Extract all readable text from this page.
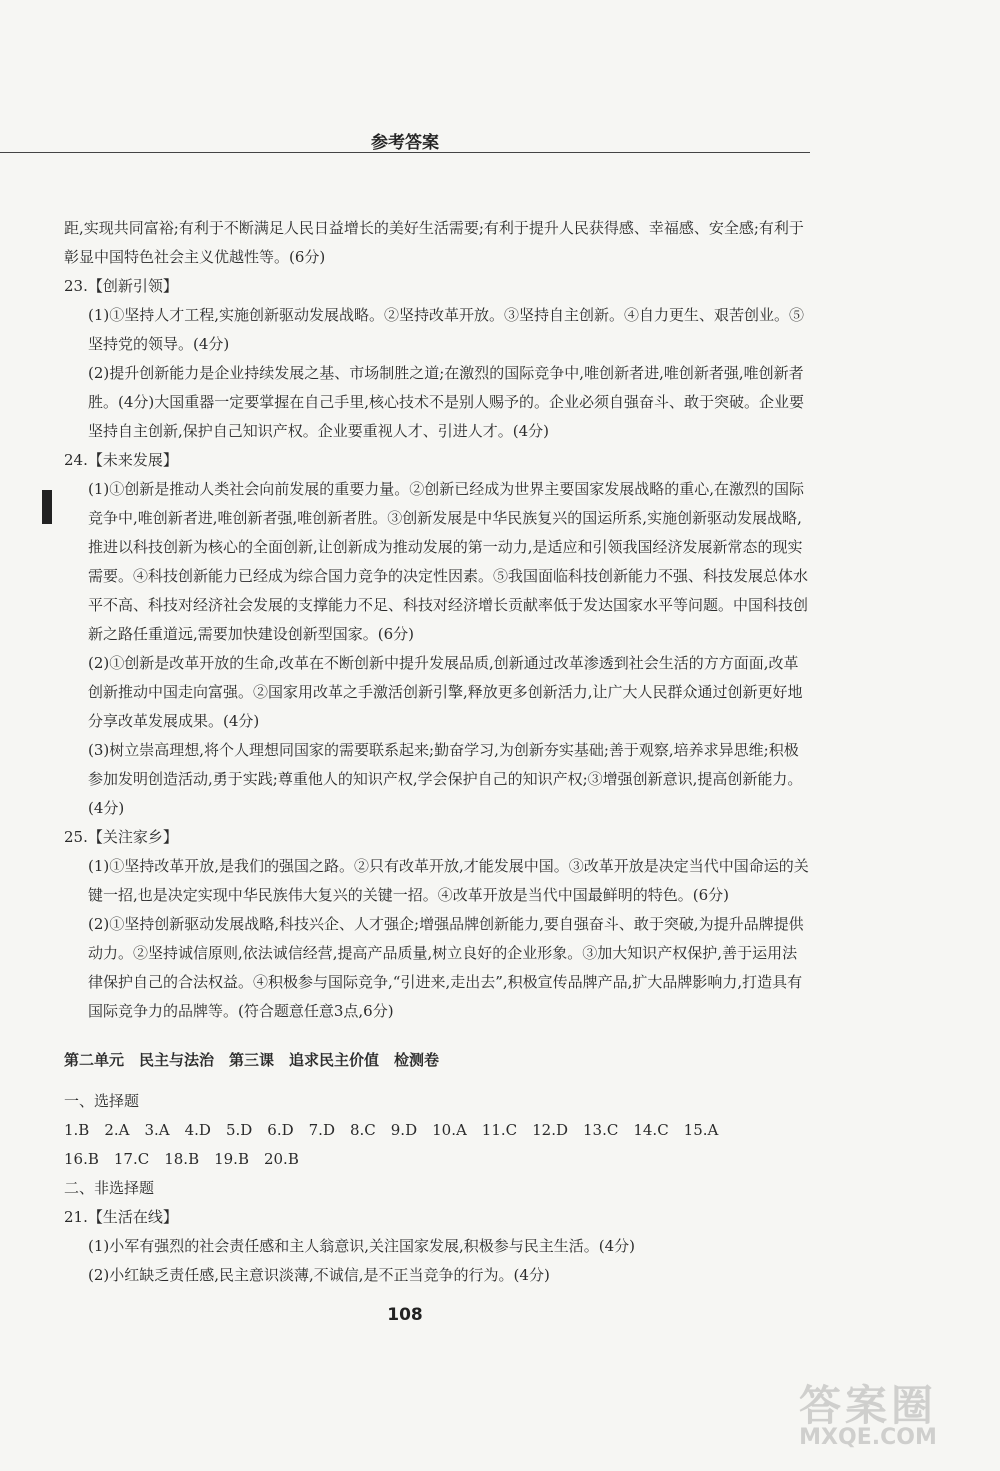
参考答案

距,实现共同富裕;有利于不断满足人民日益增长的美好生活需要;有利于提升人民获得感、幸福感、安全感;有利于彰显中国特色社会主义优越性等。(6分)

23.【创新引领】

(1)①坚持人才工程,实施创新驱动发展战略。②坚持改革开放。③坚持自主创新。④自力更生、艰苦创业。⑤坚持党的领导。(4分)

(2)提升创新能力是企业持续发展之基、市场制胜之道;在激烈的国际竞争中,唯创新者进,唯创新者强,唯创新者胜。(4分)大国重器一定要掌握在自己手里,核心技术不是别人赐予的。企业必须自强奋斗、敢于突破。企业要坚持自主创新,保护自己知识产权。企业要重视人才、引进人才。(4分)

24.【未来发展】

(1)①创新是推动人类社会向前发展的重要力量。②创新已经成为世界主要国家发展战略的重心,在激烈的国际竞争中,唯创新者进,唯创新者强,唯创新者胜。③创新发展是中华民族复兴的国运所系,实施创新驱动发展战略,推进以科技创新为核心的全面创新,让创新成为推动发展的第一动力,是适应和引领我国经济发展新常态的现实需要。④科技创新能力已经成为综合国力竞争的决定性因素。⑤我国面临科技创新能力不强、科技发展总体水平不高、科技对经济社会发展的支撑能力不足、科技对经济增长贡献率低于发达国家水平等问题。中国科技创新之路任重道远,需要加快建设创新型国家。(6分)

(2)①创新是改革开放的生命,改革在不断创新中提升发展品质,创新通过改革渗透到社会生活的方方面面,改革创新推动中国走向富强。②国家用改革之手激活创新引擎,释放更多创新活力,让广大人民群众通过创新更好地分享改革发展成果。(4分)

(3)树立崇高理想,将个人理想同国家的需要联系起来;勤奋学习,为创新夯实基础;善于观察,培养求异思维;积极参加发明创造活动,勇于实践;尊重他人的知识产权,学会保护自己的知识产权;③增强创新意识,提高创新能力。(4分)

25.【关注家乡】

(1)①坚持改革开放,是我们的强国之路。②只有改革开放,才能发展中国。③改革开放是决定当代中国命运的关键一招,也是决定实现中华民族伟大复兴的关键一招。④改革开放是当代中国最鲜明的特色。(6分)

(2)①坚持创新驱动发展战略,科技兴企、人才强企;增强品牌创新能力,要自强奋斗、敢于突破,为提升品牌提供动力。②坚持诚信原则,依法诚信经营,提高产品质量,树立良好的企业形象。③加大知识产权保护,善于运用法律保护自己的合法权益。④积极参与国际竞争,“引进来,走出去”,积极宣传品牌产品,扩大品牌影响力,打造具有国际竞争力的品牌等。(符合题意任意3点,6分)

第二单元　民主与法治　第三课　追求民主价值　检测卷

一、选择题

1.B　2.A　3.A　4.D　5.D　6.D　7.D　8.C　9.D　10.A　11.C　12.D　13.C　14.C　15.A

16.B　17.C　18.B　19.B　20.B

二、非选择题

21.【生活在线】

(1)小军有强烈的社会责任感和主人翁意识,关注国家发展,积极参与民主生活。(4分)

(2)小红缺乏责任感,民主意识淡薄,不诚信,是不正当竞争的行为。(4分)

108
答案圈
MXQE.COM
